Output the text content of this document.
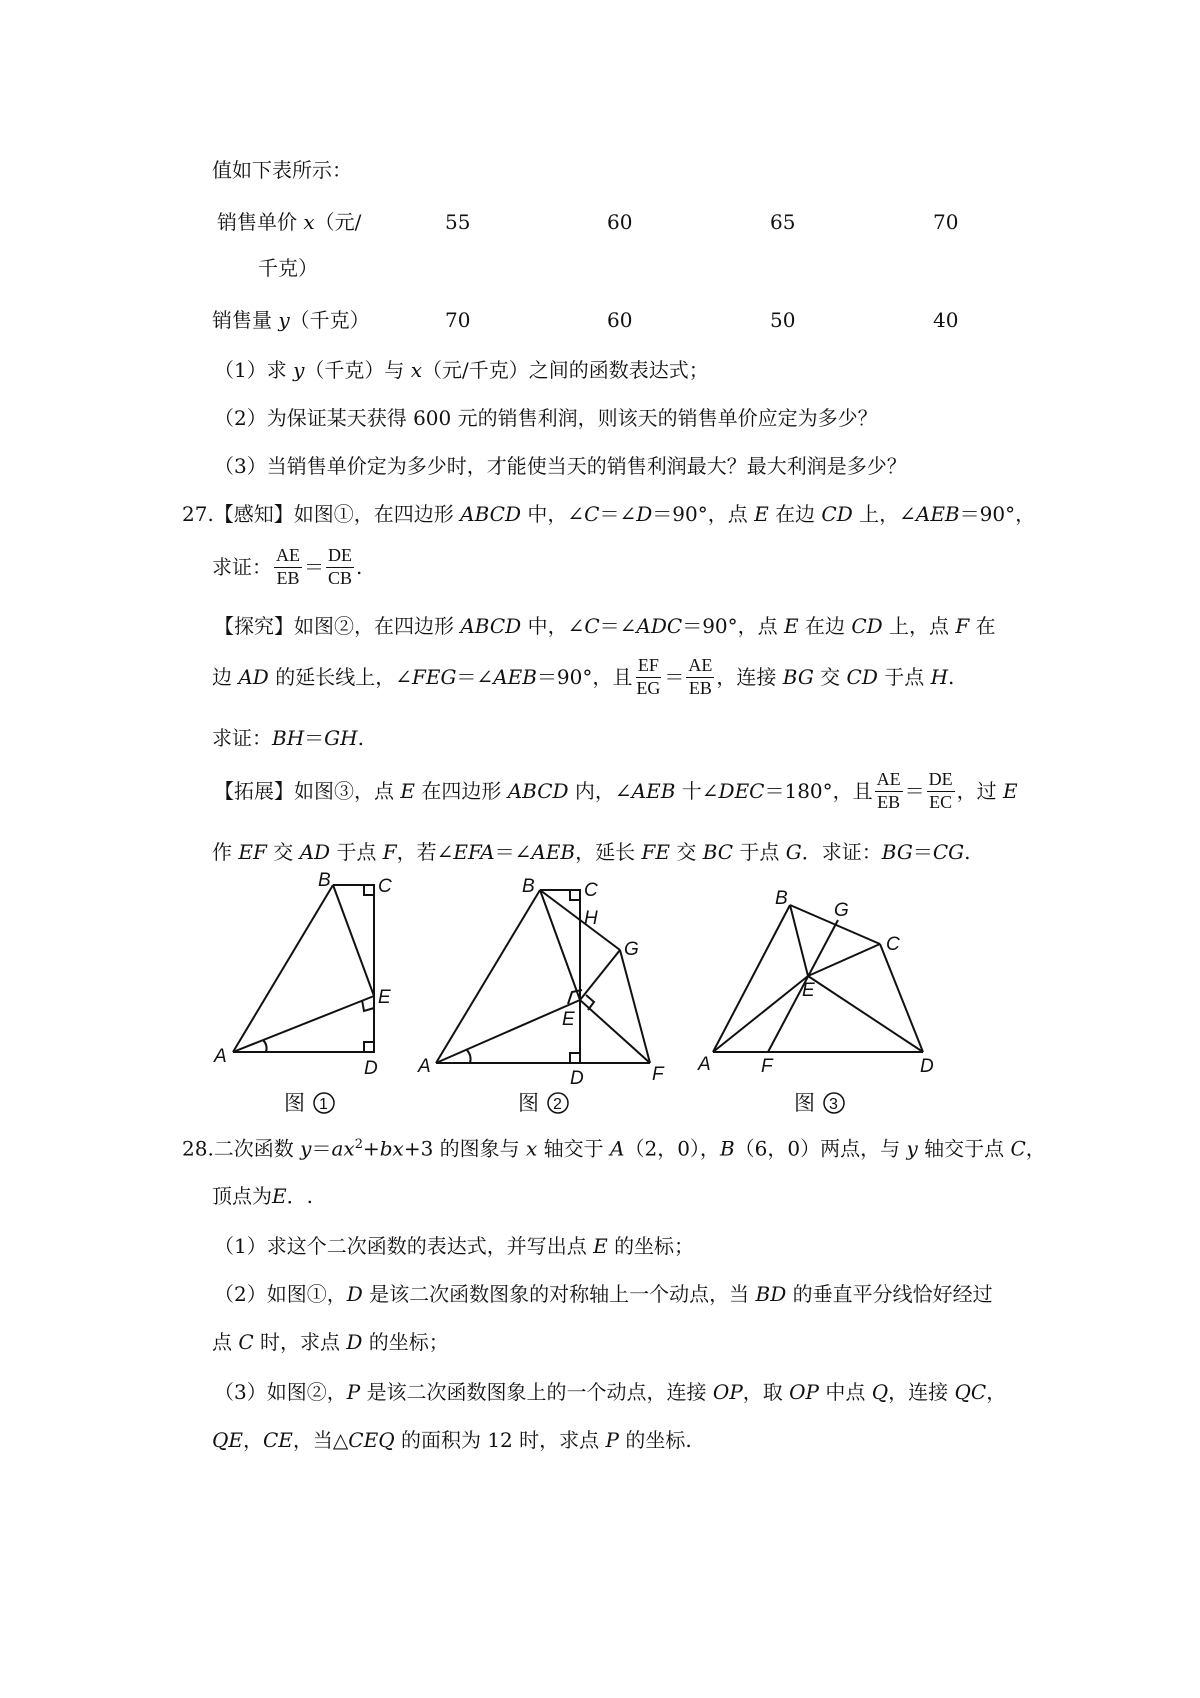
值如下表所示：
销售单价 x（元/
千克）
55	60	65	70
销售量 y（千克）	70	60	50	40
（1）求 y（千克）与 x（元/千克）之间的函数表达式；
（2）为保证某天获得 600 元的销售利润，则该天的销售单价应定为多少？
（3）当销售单价定为多少时，才能使当天的销售利润最大？最大利润是多少？
27.【感知】如图①，在四边形 ABCD 中，∠C＝∠D＝90°，点 E 在边 CD 上，∠AEB＝90°，
求证： $\frac{AE}{EB} = \frac{DE}{CB}$ .
【探究】如图②，在四边形 ABCD 中，∠C＝∠ADC＝90°，点 E 在边 CD 上，点 F 在
边
AD
的延长线上，∠ FEG ＝∠ AEB ＝90°，且 $\frac{EF}{EG} = \frac{AE}{EB}$ ，连接
BG
交
CD
于点
H .
求证：BH＝GH.
【拓展】如图③，点
E
在四边形
ABCD
内，∠ AEB
十∠ DEC ＝180°，且 $\frac{AE}{EB} = \frac{DE}{EC}$ ，过
E
作 EF 交 AD 于点 F，若∠EFA＝∠AEB，延长 FE 交 BC 于点 G．求证：BG＝CG.
B C
E
A
D
B	C
H
G
E
A
D	F
B
G
C
E
A	F	D
图 1	图 2	图 3
28.二次函数 $y=ax^2+bx+3$ 的图象与 x 轴交于 A（2，0），B（6，0）两点，与 y 轴交于点 C，
顶点为E．.
（1）求这个二次函数的表达式，并写出点 E 的坐标；
（2）如图①，D 是该二次函数图象的对称轴上一个动点，当 BD 的垂直平分线恰好经过
点 C 时，求点 D 的坐标；
（3）如图②，P 是该二次函数图象上的一个动点，连接 OP，取 OP 中点 Q，连接 QC，
QE，CE，当△CEQ 的面积为 12 时，求点 P 的坐标.
